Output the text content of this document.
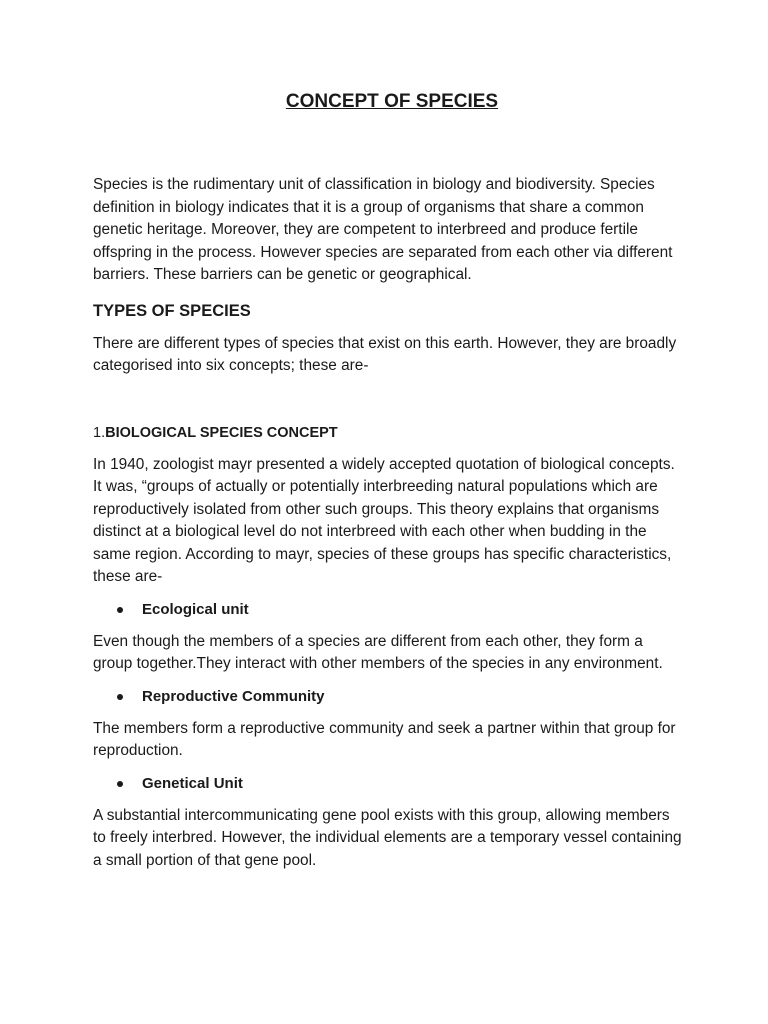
CONCEPT OF SPECIES

Species is the rudimentary unit of classification in biology and biodiversity. Species definition in biology indicates that it is a group of organisms that share a common genetic heritage. Moreover, they are competent to interbreed and produce fertile offspring in the process. However species are separated from each other via different barriers. These barriers can be genetic or geographical.

TYPES OF SPECIES

There are different types of species that exist on this earth. However, they are broadly categorised into six concepts; these are-

1.BIOLOGICAL SPECIES CONCEPT

In 1940, zoologist mayr presented a widely accepted quotation of biological concepts. It was, “groups of actually or potentially interbreeding natural populations which are reproductively isolated from other such groups. This theory explains that organisms distinct at a biological level do not interbreed with each other when budding in the same region. According to mayr, species of these groups has specific characteristics, these are-

Ecological unit

Even though the members of a species are different from each other, they form a group together.They interact with other members of the species in any environment.

Reproductive Community

The members form a reproductive community and seek a partner within that group for reproduction.

Genetical Unit

A substantial intercommunicating gene pool exists with this group, allowing members to freely interbred. However, the individual elements are a temporary vessel containing a small portion of that gene pool.
